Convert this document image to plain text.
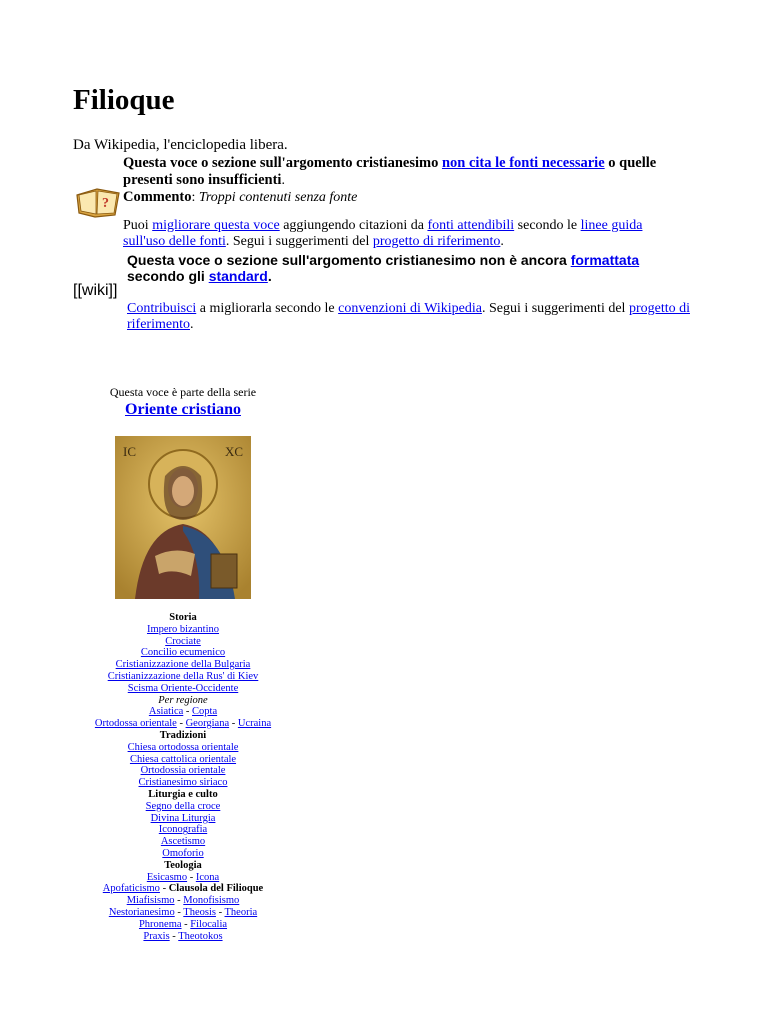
Filioque
Da Wikipedia, l'enciclopedia libera.
?
Questa voce o sezione sull'argomento cristianesimo non cita le fonti necessarie o quelle presenti sono insufficienti.
Commento: Troppi contenuti senza fonte
Puoi migliorare questa voce aggiungendo citazioni da fonti attendibili secondo le linee guida sull'uso delle fonti. Segui i suggerimenti del progetto di riferimento.
[[wiki]]
Questa voce o sezione sull'argomento cristianesimo non è ancora formattata secondo gli standard.
Contribuisci a migliorarla secondo le convenzioni di Wikipedia. Segui i suggerimenti del progetto di riferimento.
Questa voce è parte della serie
Oriente cristiano
IC	XC
Storia
Impero bizantino
Crociate
Concilio ecumenico
Cristianizzazione della Bulgaria
Cristianizzazione della Rus' di Kiev
Scisma Oriente-Occidente
Per regione
Asiatica - Copta
Ortodossa orientale - Georgiana - Ucraina
Tradizioni
Chiesa ortodossa orientale
Chiesa cattolica orientale
Ortodossia orientale
Cristianesimo siriaco
Liturgia e culto
Segno della croce
Divina Liturgia
Iconografia
Ascetismo
Omoforio
Teologia
Esicasmo - Icona
Apofaticismo - Clausola del Filioque
Miafisismo - Monofisismo
Nestorianesimo - Theosis - Theoria
Phronema - Filocalia
Praxis - Theotokos
